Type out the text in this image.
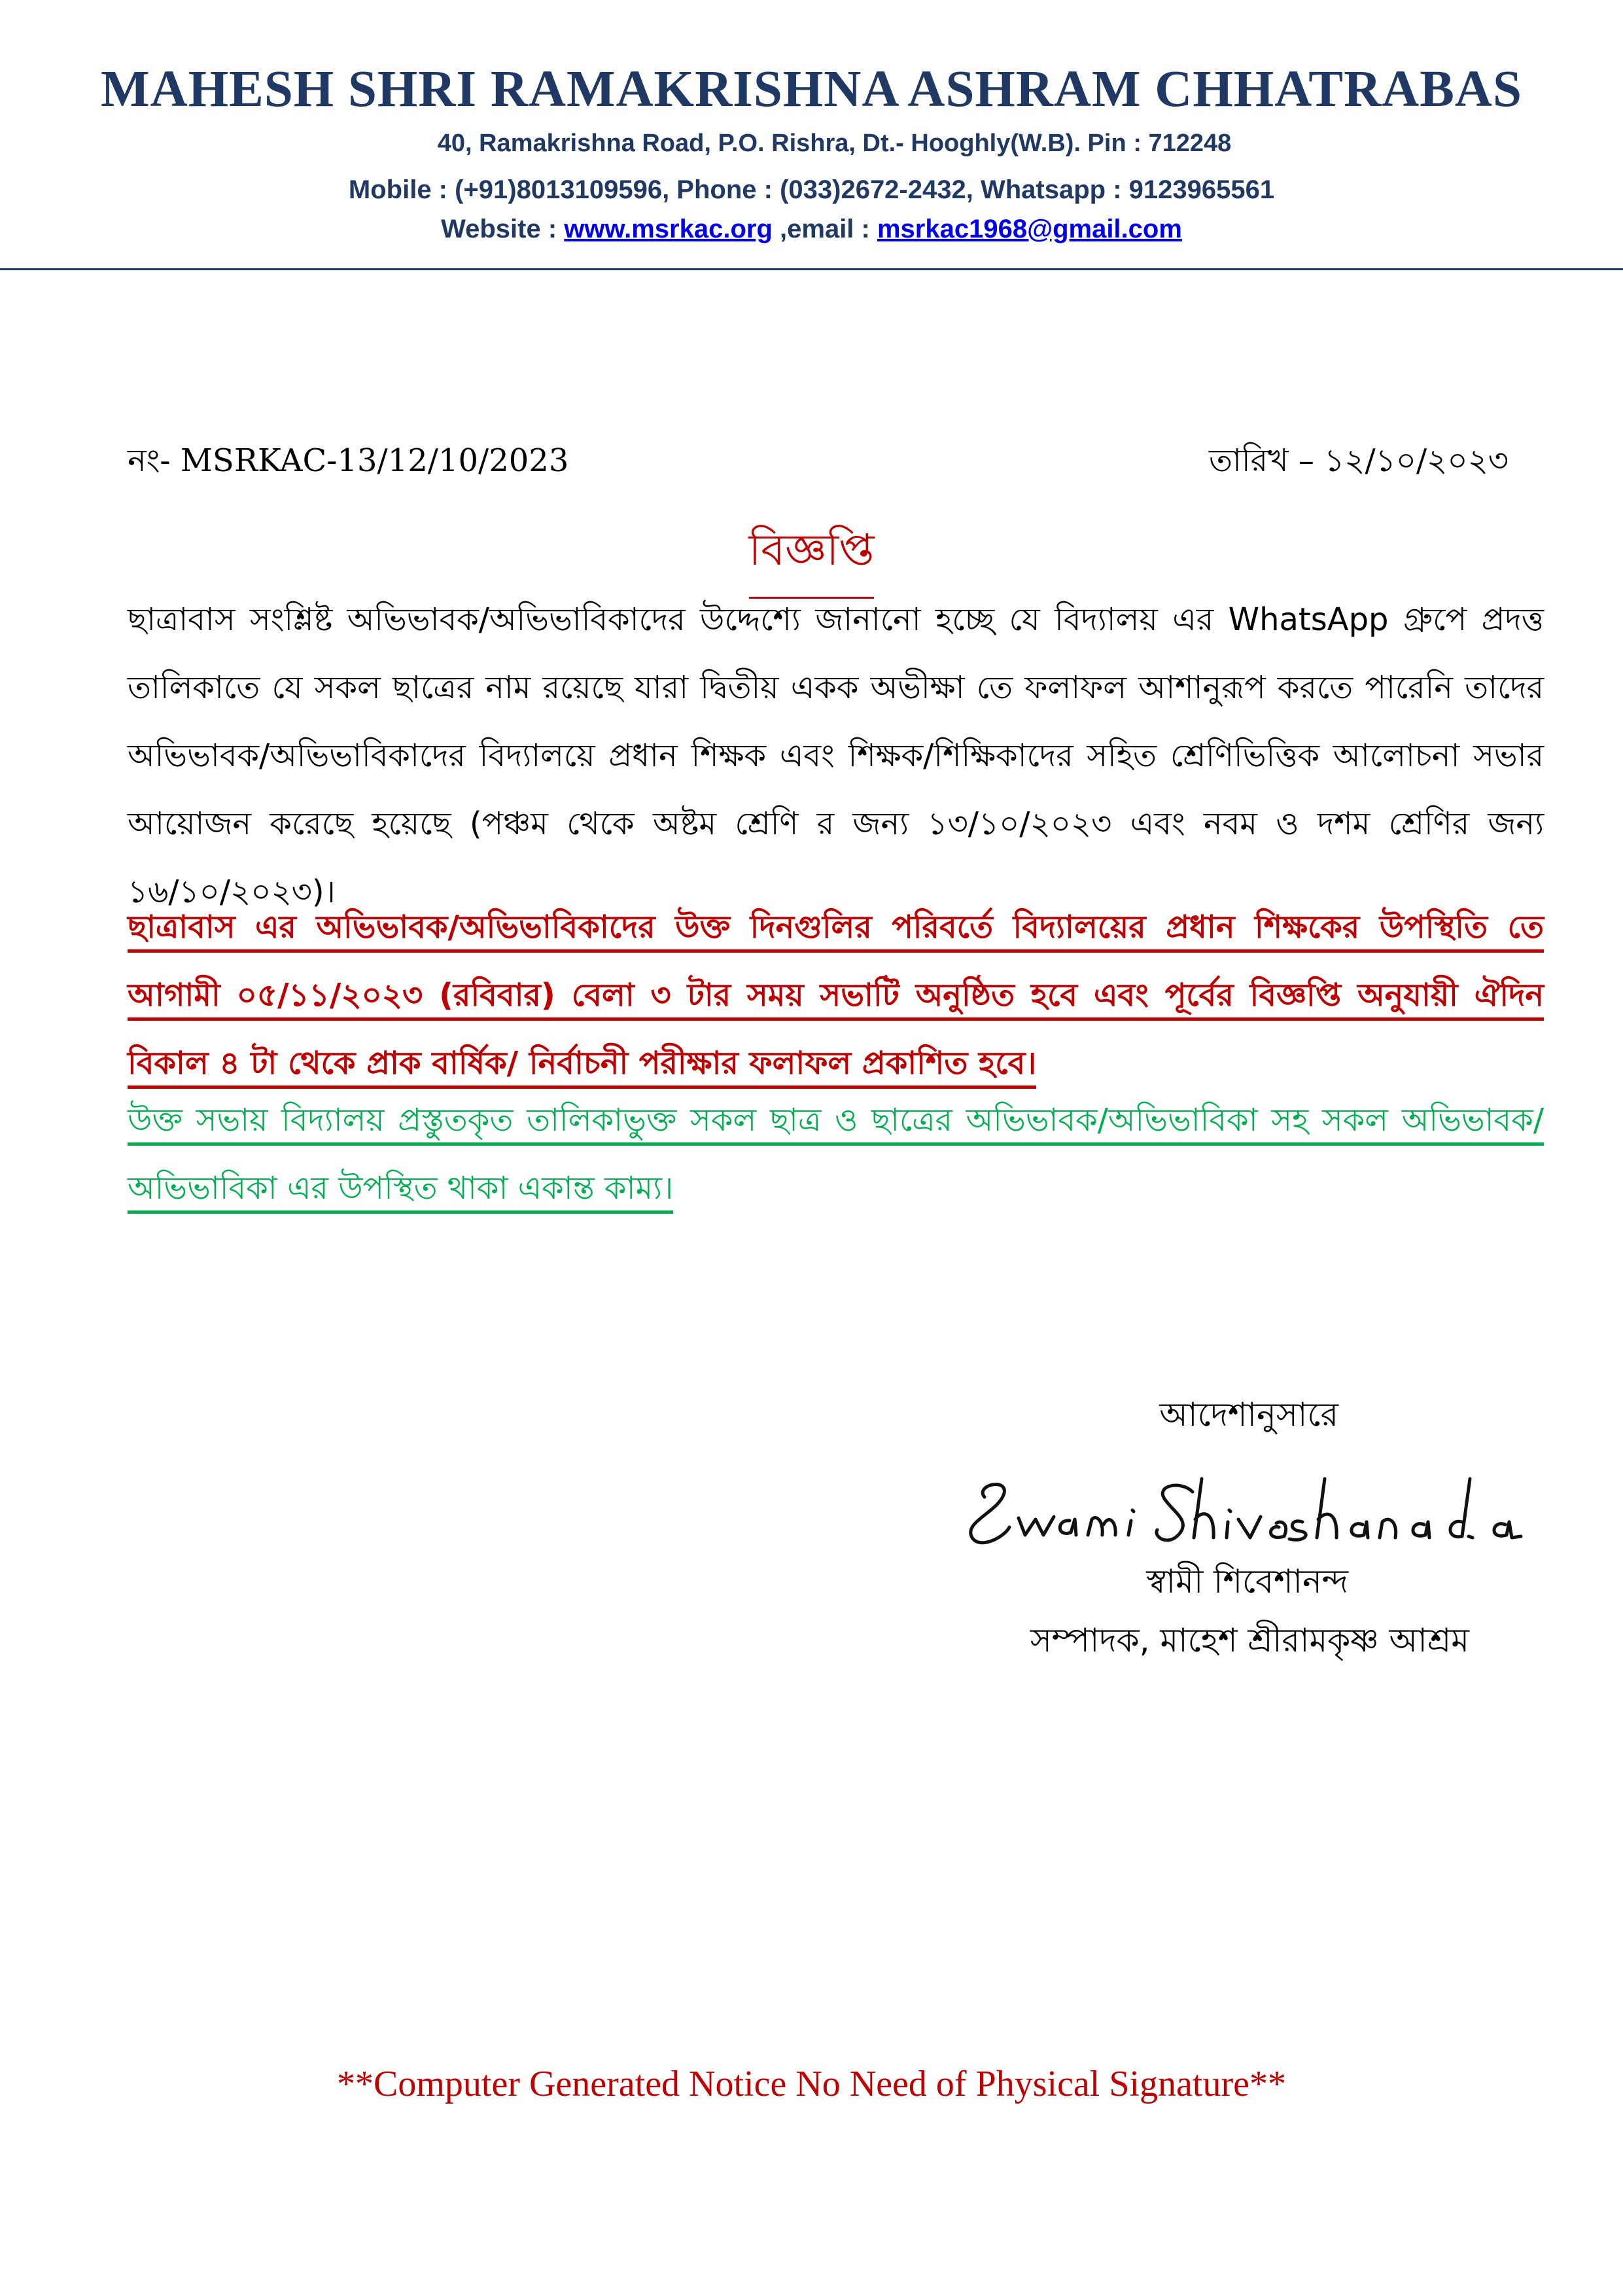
MAHESH SHRI RAMAKRISHNA ASHRAM CHHATRABAS
40, Ramakrishna Road, P.O. Rishra, Dt.- Hooghly(W.B). Pin : 712248
Mobile : (+91)8013109596, Phone : (033)2672-2432, Whatsapp : 9123965561
Website : www.msrkac.org ,email : msrkac1968@gmail.com
নং- MSRKAC-13/12/10/2023	তারিখ – ১২/১০/২০২৩
বিজ্ঞপ্তি
ছাত্রাবাস সংশ্লিষ্ট অভিভাবক/অভিভাবিকাদের উদ্দেশ্যে জানানো হচ্ছে যে বিদ্যালয় এর WhatsApp গ্রুপে প্রদত্ত তালিকাতে যে সকল ছাত্রের নাম রয়েছে যারা দ্বিতীয় একক অভীক্ষা তে ফলাফল আশানুরূপ করতে পারেনি তাদের অভিভাবক/অভিভাবিকাদের বিদ্যালয়ে প্রধান শিক্ষক এবং শিক্ষক/শিক্ষিকাদের সহিত শ্রেণিভিত্তিক আলোচনা সভার আয়োজন করেছে হয়েছে (পঞ্চম থেকে অষ্টম শ্রেণি র জন্য ১৩/১০/২০২৩ এবং নবম ও দশম শ্রেণির জন্য ১৬/১০/২০২৩)।
ছাত্রাবাস এর অভিভাবক/অভিভাবিকাদের উক্ত দিনগুলির পরিবর্তে বিদ্যালয়ের প্রধান শিক্ষকের উপস্থিতি তে আগামী ০৫/১১/২০২৩ (রবিবার) বেলা ৩ টার সময় সভাটি অনুষ্ঠিত হবে এবং পূর্বের বিজ্ঞপ্তি অনুযায়ী ঐদিন বিকাল ৪ টা থেকে প্রাক বার্ষিক/ নির্বাচনী পরীক্ষার ফলাফল প্রকাশিত হবে।
উক্ত সভায় বিদ্যালয় প্রস্তুতকৃত তালিকাভুক্ত সকল ছাত্র ও ছাত্রের অভিভাবক/অভিভাবিকা সহ সকল অভিভাবক/অভিভাবিকা এর উপস্থিত থাকা একান্ত কাম্য।
আদেশানুসারে
স্বামী শিবেশানন্দ
সম্পাদক, মাহেশ শ্রীরামকৃষ্ণ আশ্রম
**Computer Generated Notice No Need of Physical Signature**
